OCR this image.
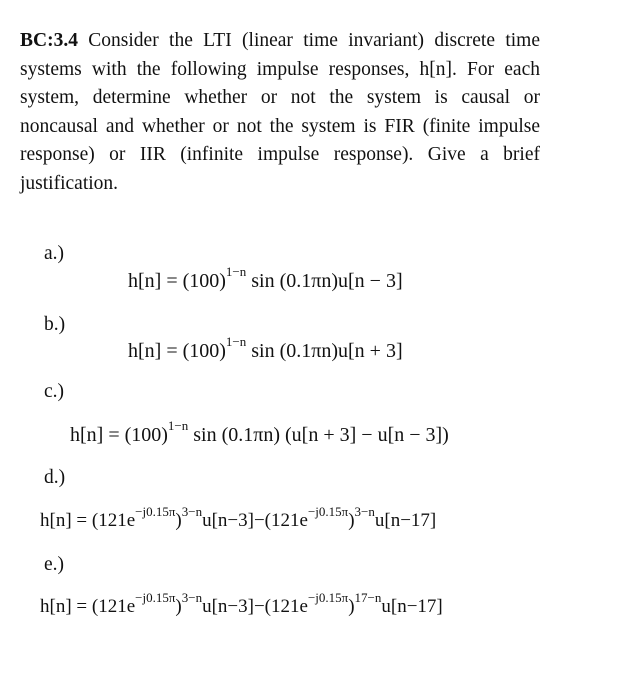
BC:3.4 Consider the LTI (linear time invariant) discrete time systems with the following impulse responses, h[n]. For each system, determine whether or not the system is causal or noncausal and whether or not the system is FIR (finite impulse response) or IIR (infinite impulse response). Give a brief justification.
a.)
$h[n] = (100)^{1-n}$ sin (0.1πn)u[n − 3]
b.)
$h[n] = (100)^{1-n}$ sin (0.1πn)u[n + 3]
c.)
$h[n] = (100)^{1-n}$ sin (0.1πn) (u[n + 3] − u[n − 3])
d.)
$h[n] = (121e^{-j0.15\pi})^{3-n}u[n-3]-(121e^{-j0.15\pi})^{3-n}u[n-17]$
e.)
$h[n] = (121e^{-j0.15\pi})^{3-n}u[n-3]-(121e^{-j0.15\pi})^{17-n}u[n-17]$
